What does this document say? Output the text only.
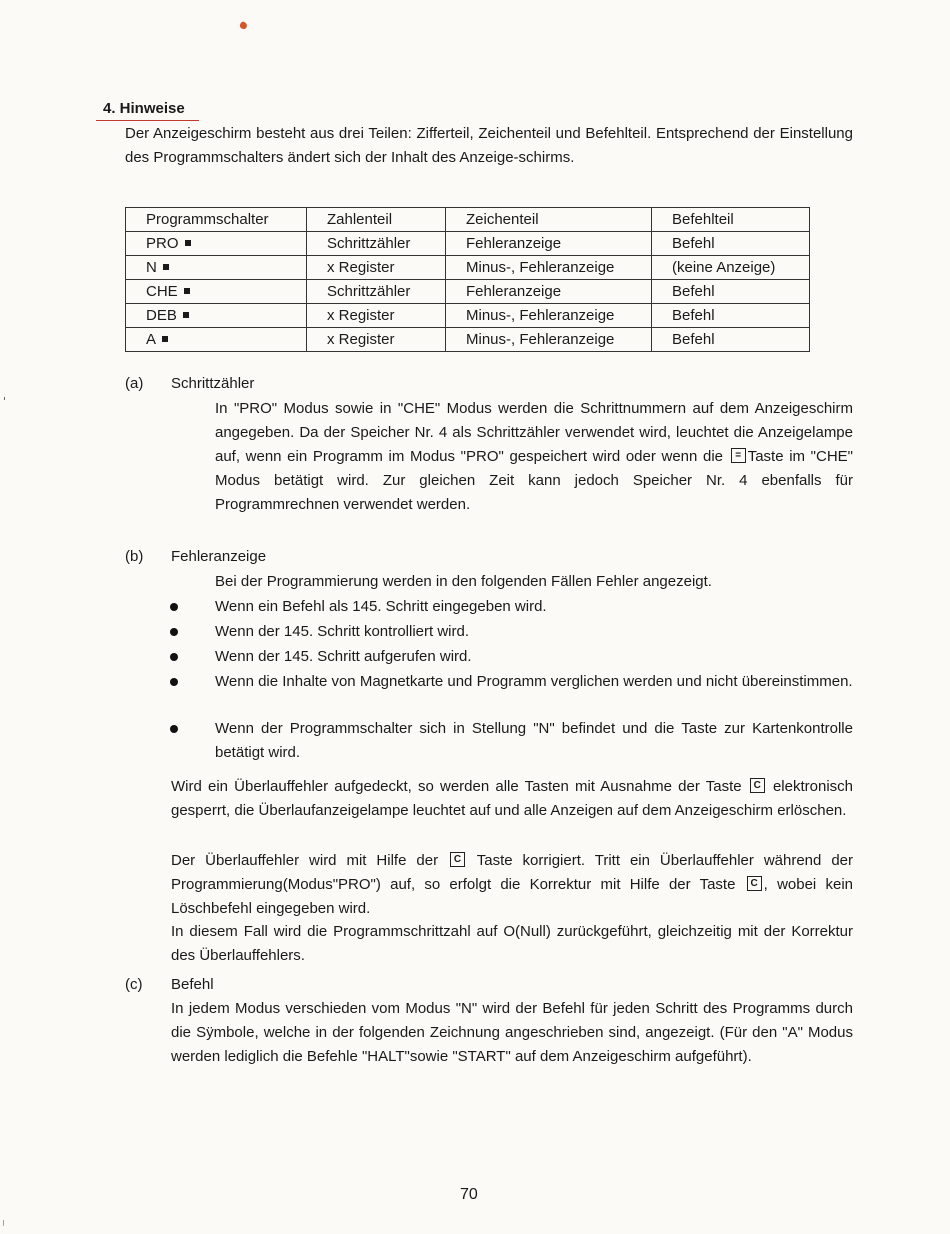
4. Hinweise

Der Anzeigeschirm besteht aus drei Teilen: Zifferteil, Zeichenteil und Befehlteil. Entsprechend der Einstellung des Programmschalters ändert sich der Inhalt des Anzeige-schirms.

Programmschalter	Zahlenteil	Zeichenteil	Befehlteil
PRO	Schrittzähler	Fehleranzeige	Befehl
N	x Register	Minus-, Fehleranzeige	(keine Anzeige)
CHE	Schrittzähler	Fehleranzeige	Befehl
DEB	x Register	Minus-, Fehleranzeige	Befehl
A	x Register	Minus-, Fehleranzeige	Befehl
(a) Schrittzähler

In "PRO" Modus sowie in "CHE" Modus werden die Schrittnummern auf dem Anzeigeschirm angegeben. Da der Speicher Nr. 4 als Schrittzähler verwendet wird, leuchtet die Anzeigelampe auf, wenn ein Programm im Modus "PRO" gespeichert wird oder wenn die = Taste im "CHE" Modus betätigt wird. Zur gleichen Zeit kann jedoch Speicher Nr. 4 ebenfalls für Programmrechnen verwendet werden.

(b) Fehleranzeige
Bei der Programmierung werden in den folgenden Fällen Fehler angezeigt.
Wenn ein Befehl als 145. Schritt eingegeben wird.
Wenn der 145. Schritt kontrolliert wird.
Wenn der 145. Schritt aufgerufen wird.
Wenn die Inhalte von Magnetkarte und Programm verglichen werden und nicht übereinstimmen.
Wenn der Programmschalter sich in Stellung "N" befindet und die Taste zur Kartenkontrolle betätigt wird.

Wird ein Überlauffehler aufgedeckt, so werden alle Tasten mit Ausnahme der Taste C elektronisch gesperrt, die Überlaufanzeigelampe leuchtet auf und alle Anzeigen auf dem Anzeigeschirm erlöschen.

Der Überlauffehler wird mit Hilfe der C Taste korrigiert. Tritt ein Überlauffehler während der Programmierung(Modus"PRO") auf, so erfolgt die Korrektur mit Hilfe der Taste C , wobei kein Löschbefehl eingegeben wird.

In diesem Fall wird die Programmschrittzahl auf O(Null) zurückgeführt, gleichzeitig mit der Korrektur des Überlauffehlers.

(c) Befehl

In jedem Modus verschieden vom Modus "N" wird der Befehl für jeden Schritt des Programms durch die Sÿmbole, welche in der folgenden Zeichnung angeschrieben sind, angezeigt. (Für den "A" Modus werden lediglich die Befehle "HALT"sowie "START" auf dem Anzeigeschirm aufgeführt).

70
